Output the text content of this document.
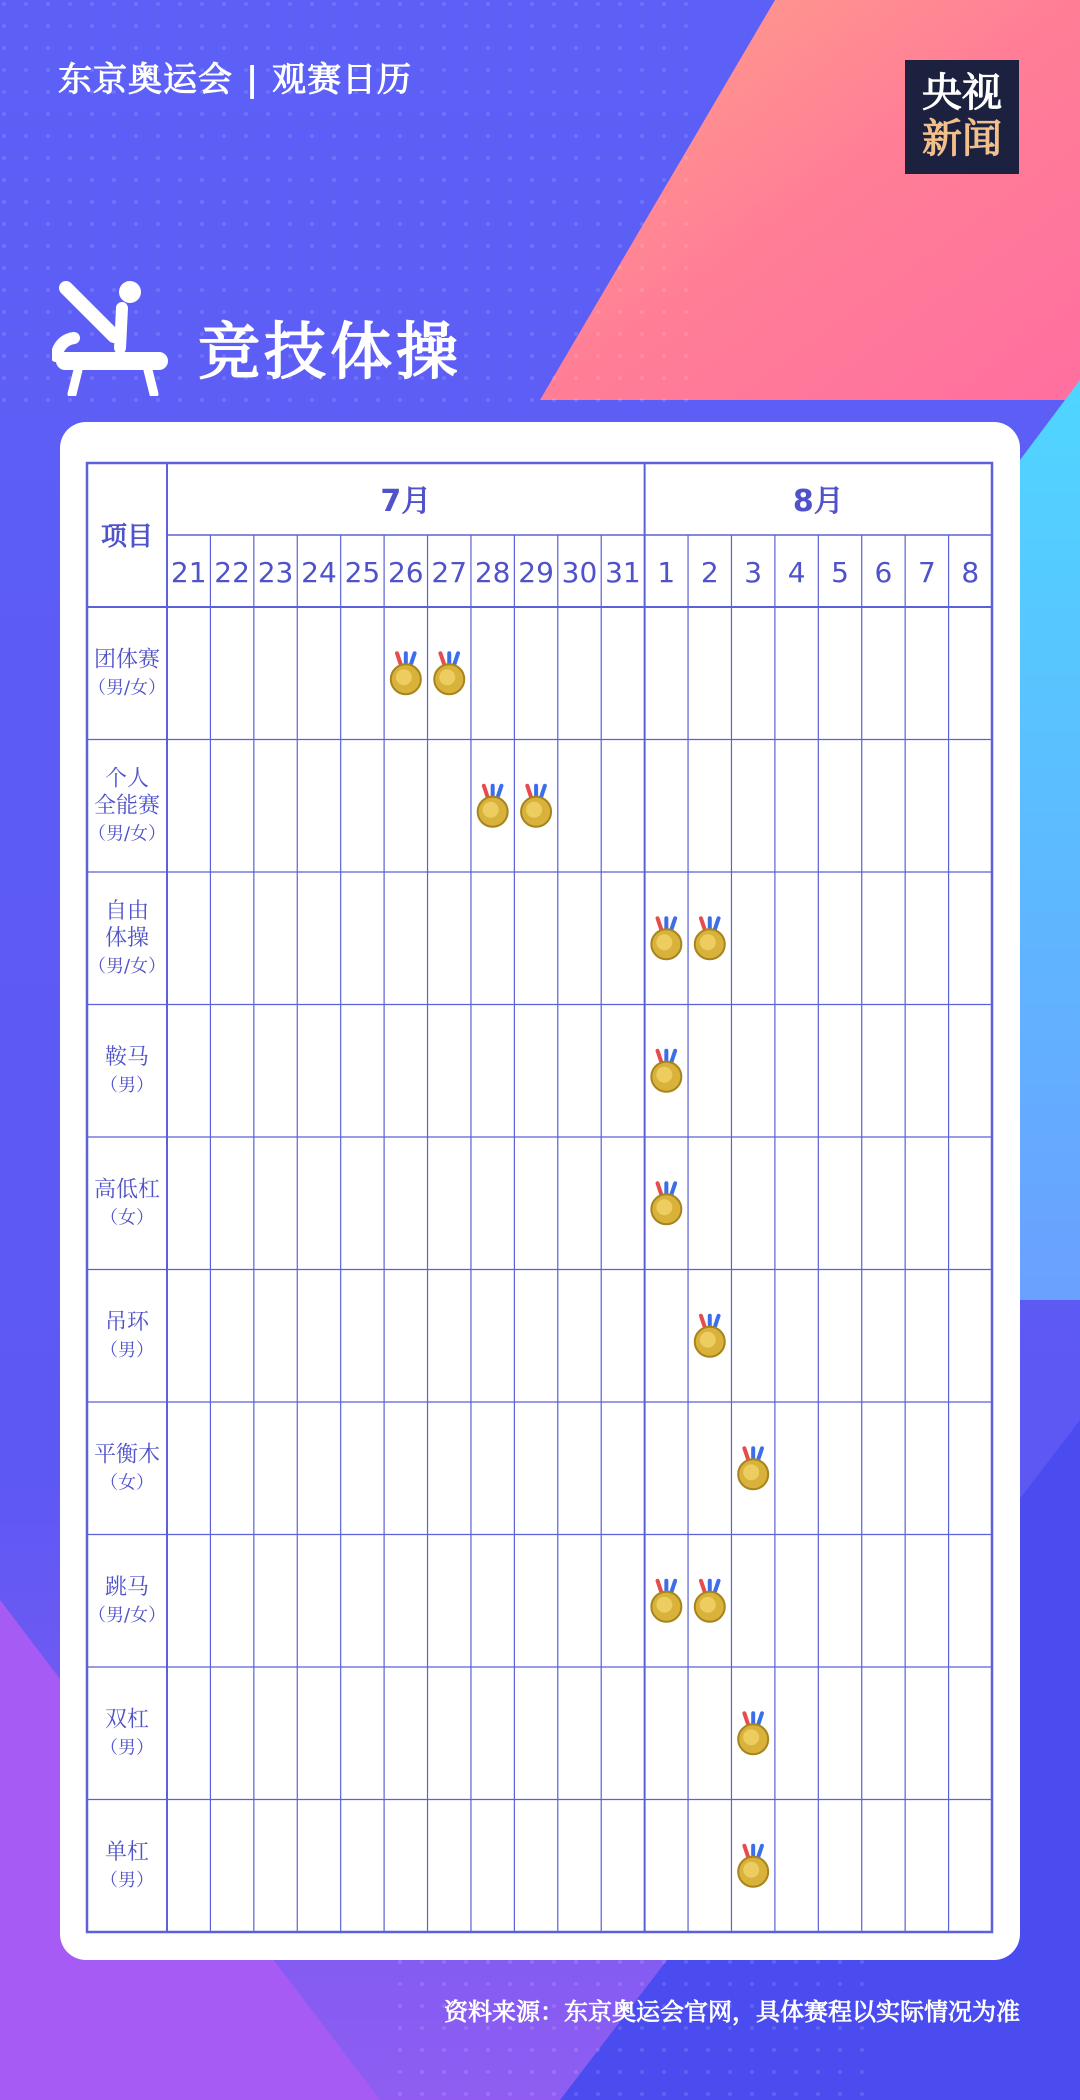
东京奥运会 | 观赛日历	央视
新闻
竞技体操
项目
7月
21 22 23 24 25 26 27 28 29 30 31
8月
1 2 3 4 5 6 7 8
团体赛
（男/女）
个人
全能赛
（男/女）
自由
体操
（男/女）
鞍马
（男）
高低杠
（女）
吊环
（男）
平衡木
（女）
跳马
（男/女）
双杠
（男）
单杠
（男）
资料来源：东京奥运会官网，具体赛程以实际情况为准
